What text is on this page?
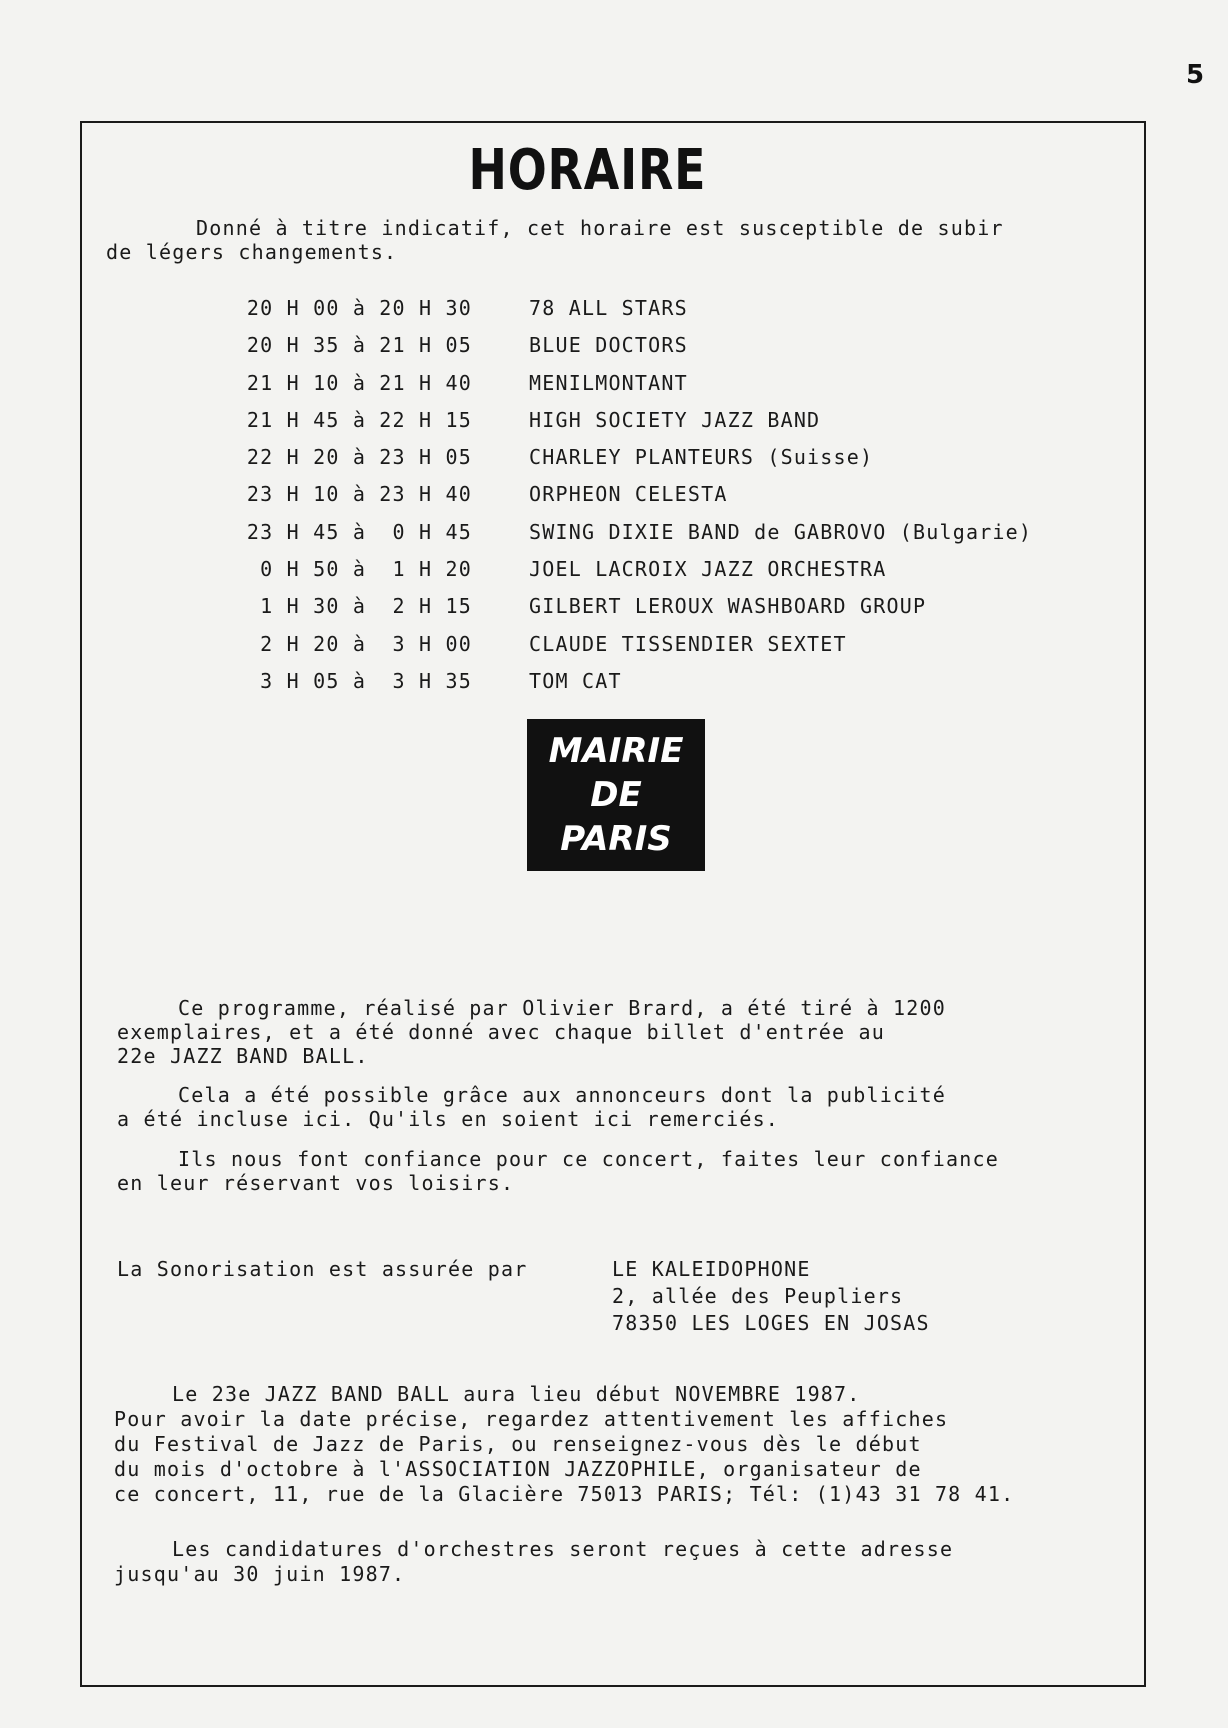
5
HORAIRE
Donné à titre indicatif, cet horaire est susceptible de subir
de légers changements.
20 H 00 à 20 H 30	78 ALL STARS
20 H 35 à 21 H 05	BLUE DOCTORS
21 H 10 à 21 H 40	MENILMONTANT
21 H 45 à 22 H 15	HIGH SOCIETY JAZZ BAND
22 H 20 à 23 H 05	CHARLEY PLANTEURS (Suisse)
23 H 10 à 23 H 40	ORPHEON CELESTA
23 H 45 à  0 H 45	SWING DIXIE BAND de GABROVO (Bulgarie)
0 H 50 à  1 H 20	JOEL LACROIX JAZZ ORCHESTRA
1 H 30 à  2 H 15	GILBERT LEROUX WASHBOARD GROUP
2 H 20 à  3 H 00	CLAUDE TISSENDIER SEXTET
3 H 05 à  3 H 35	TOM CAT
MAIRIE
DE
PARIS
Ce programme, réalisé par Olivier Brard, a été tiré à 1200
exemplaires, et a été donné avec chaque billet d'entrée au
22e JAZZ BAND BALL.
Cela a été possible grâce aux annonceurs dont la publicité
a été incluse ici. Qu'ils en soient ici remerciés.
Ils nous font confiance pour ce concert, faites leur confiance
en leur réservant vos loisirs.
La Sonorisation est assurée par	LE KALEIDOPHONE
2, allée des Peupliers
78350 LES LOGES EN JOSAS
Le 23e JAZZ BAND BALL aura lieu début NOVEMBRE 1987.
Pour avoir la date précise, regardez attentivement les affiches
du Festival de Jazz de Paris, ou renseignez-vous dès le début
du mois d'octobre à l'ASSOCIATION JAZZOPHILE, organisateur de
ce concert, 11, rue de la Glacière 75013 PARIS; Tél: (1)43 31 78 41.
Les candidatures d'orchestres seront reçues à cette adresse
jusqu'au 30 juin 1987.
